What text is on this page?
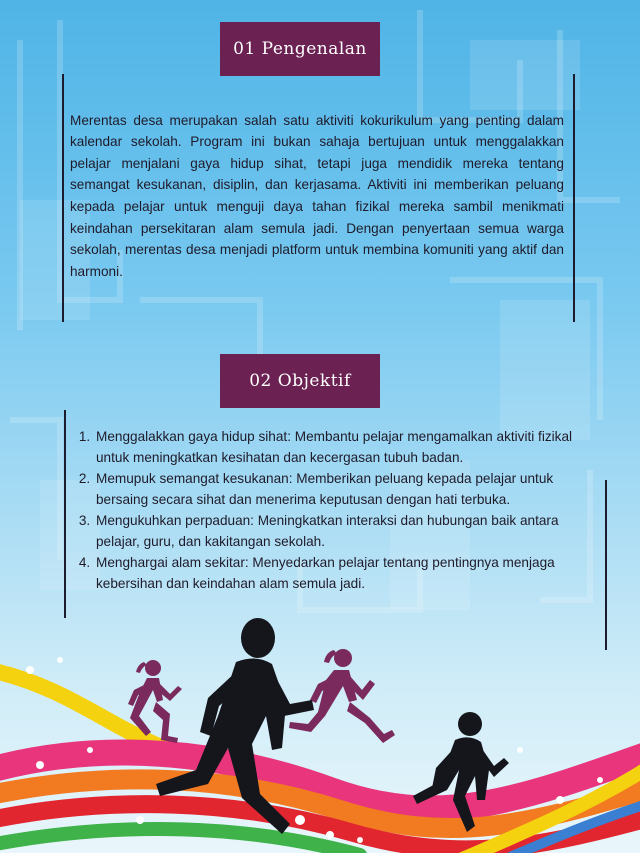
01 Pengenalan

Merentas desa merupakan salah satu aktiviti kokurikulum yang penting dalam kalendar sekolah. Program ini bukan sahaja bertujuan untuk menggalakkan pelajar menjalani gaya hidup sihat, tetapi juga mendidik mereka tentang semangat kesukanan, disiplin, dan kerjasama. Aktiviti ini memberikan peluang kepada pelajar untuk menguji daya tahan fizikal mereka sambil menikmati keindahan persekitaran alam semula jadi. Dengan penyertaan semua warga sekolah, merentas desa menjadi platform untuk membina komuniti yang aktif dan harmoni.

02 Objektif
1. Menggalakkan gaya hidup sihat: Membantu pelajar mengamalkan aktiviti fizikal untuk meningkatkan kesihatan dan kecergasan tubuh badan.
2. Memupuk semangat kesukanan: Memberikan peluang kepada pelajar untuk bersaing secara sihat dan menerima keputusan dengan hati terbuka.
3. Mengukuhkan perpaduan: Meningkatkan interaksi dan hubungan baik antara pelajar, guru, dan kakitangan sekolah.
4. Menghargai alam sekitar: Menyedarkan pelajar tentang pentingnya menjaga kebersihan dan keindahan alam semula jadi.
